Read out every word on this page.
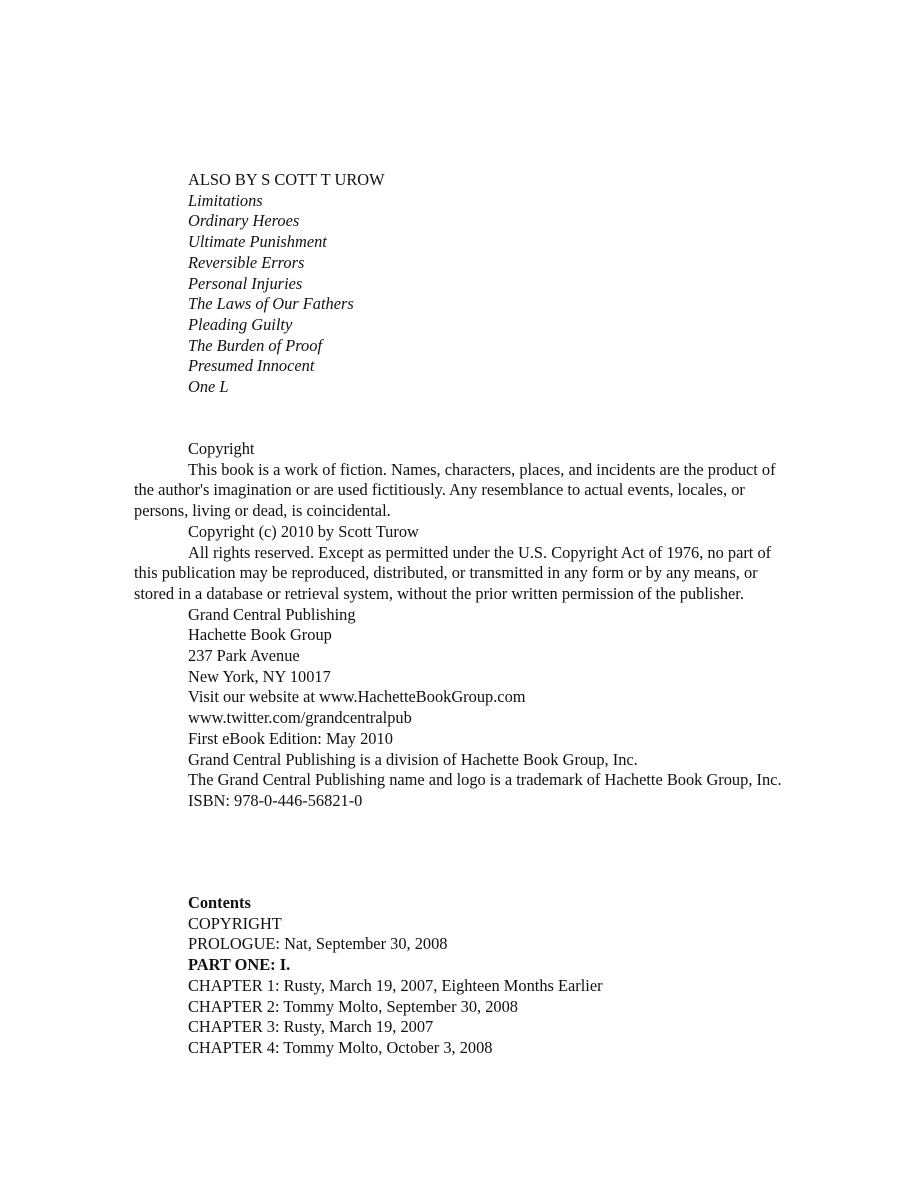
ALSO BY S COTT T UROW

Limitations

Ordinary Heroes

Ultimate Punishment

Reversible Errors

Personal Injuries

The Laws of Our Fathers

Pleading Guilty

The Burden of Proof

Presumed Innocent

One L

Copyright

This book is a work of fiction. Names, characters, places, and incidents are the product of the author's imagination or are used fictitiously. Any resemblance to actual events, locales, or persons, living or dead, is coincidental.

Copyright (c) 2010 by Scott Turow

All rights reserved. Except as permitted under the U.S. Copyright Act of 1976, no part of this publication may be reproduced, distributed, or transmitted in any form or by any means, or stored in a database or retrieval system, without the prior written permission of the publisher.

Grand Central Publishing

Hachette Book Group

237 Park Avenue

New York, NY 10017

Visit our website at www.HachetteBookGroup.com

www.twitter.com/grandcentralpub

First eBook Edition: May 2010

Grand Central Publishing is a division of Hachette Book Group, Inc.

The Grand Central Publishing name and logo is a trademark of Hachette Book Group, Inc.

ISBN: 978-0-446-56821-0

Contents

COPYRIGHT

PROLOGUE: Nat, September 30, 2008

PART ONE: I.

CHAPTER 1: Rusty, March 19, 2007, Eighteen Months Earlier

CHAPTER 2: Tommy Molto, September 30, 2008

CHAPTER 3: Rusty, March 19, 2007

CHAPTER 4: Tommy Molto, October 3, 2008
